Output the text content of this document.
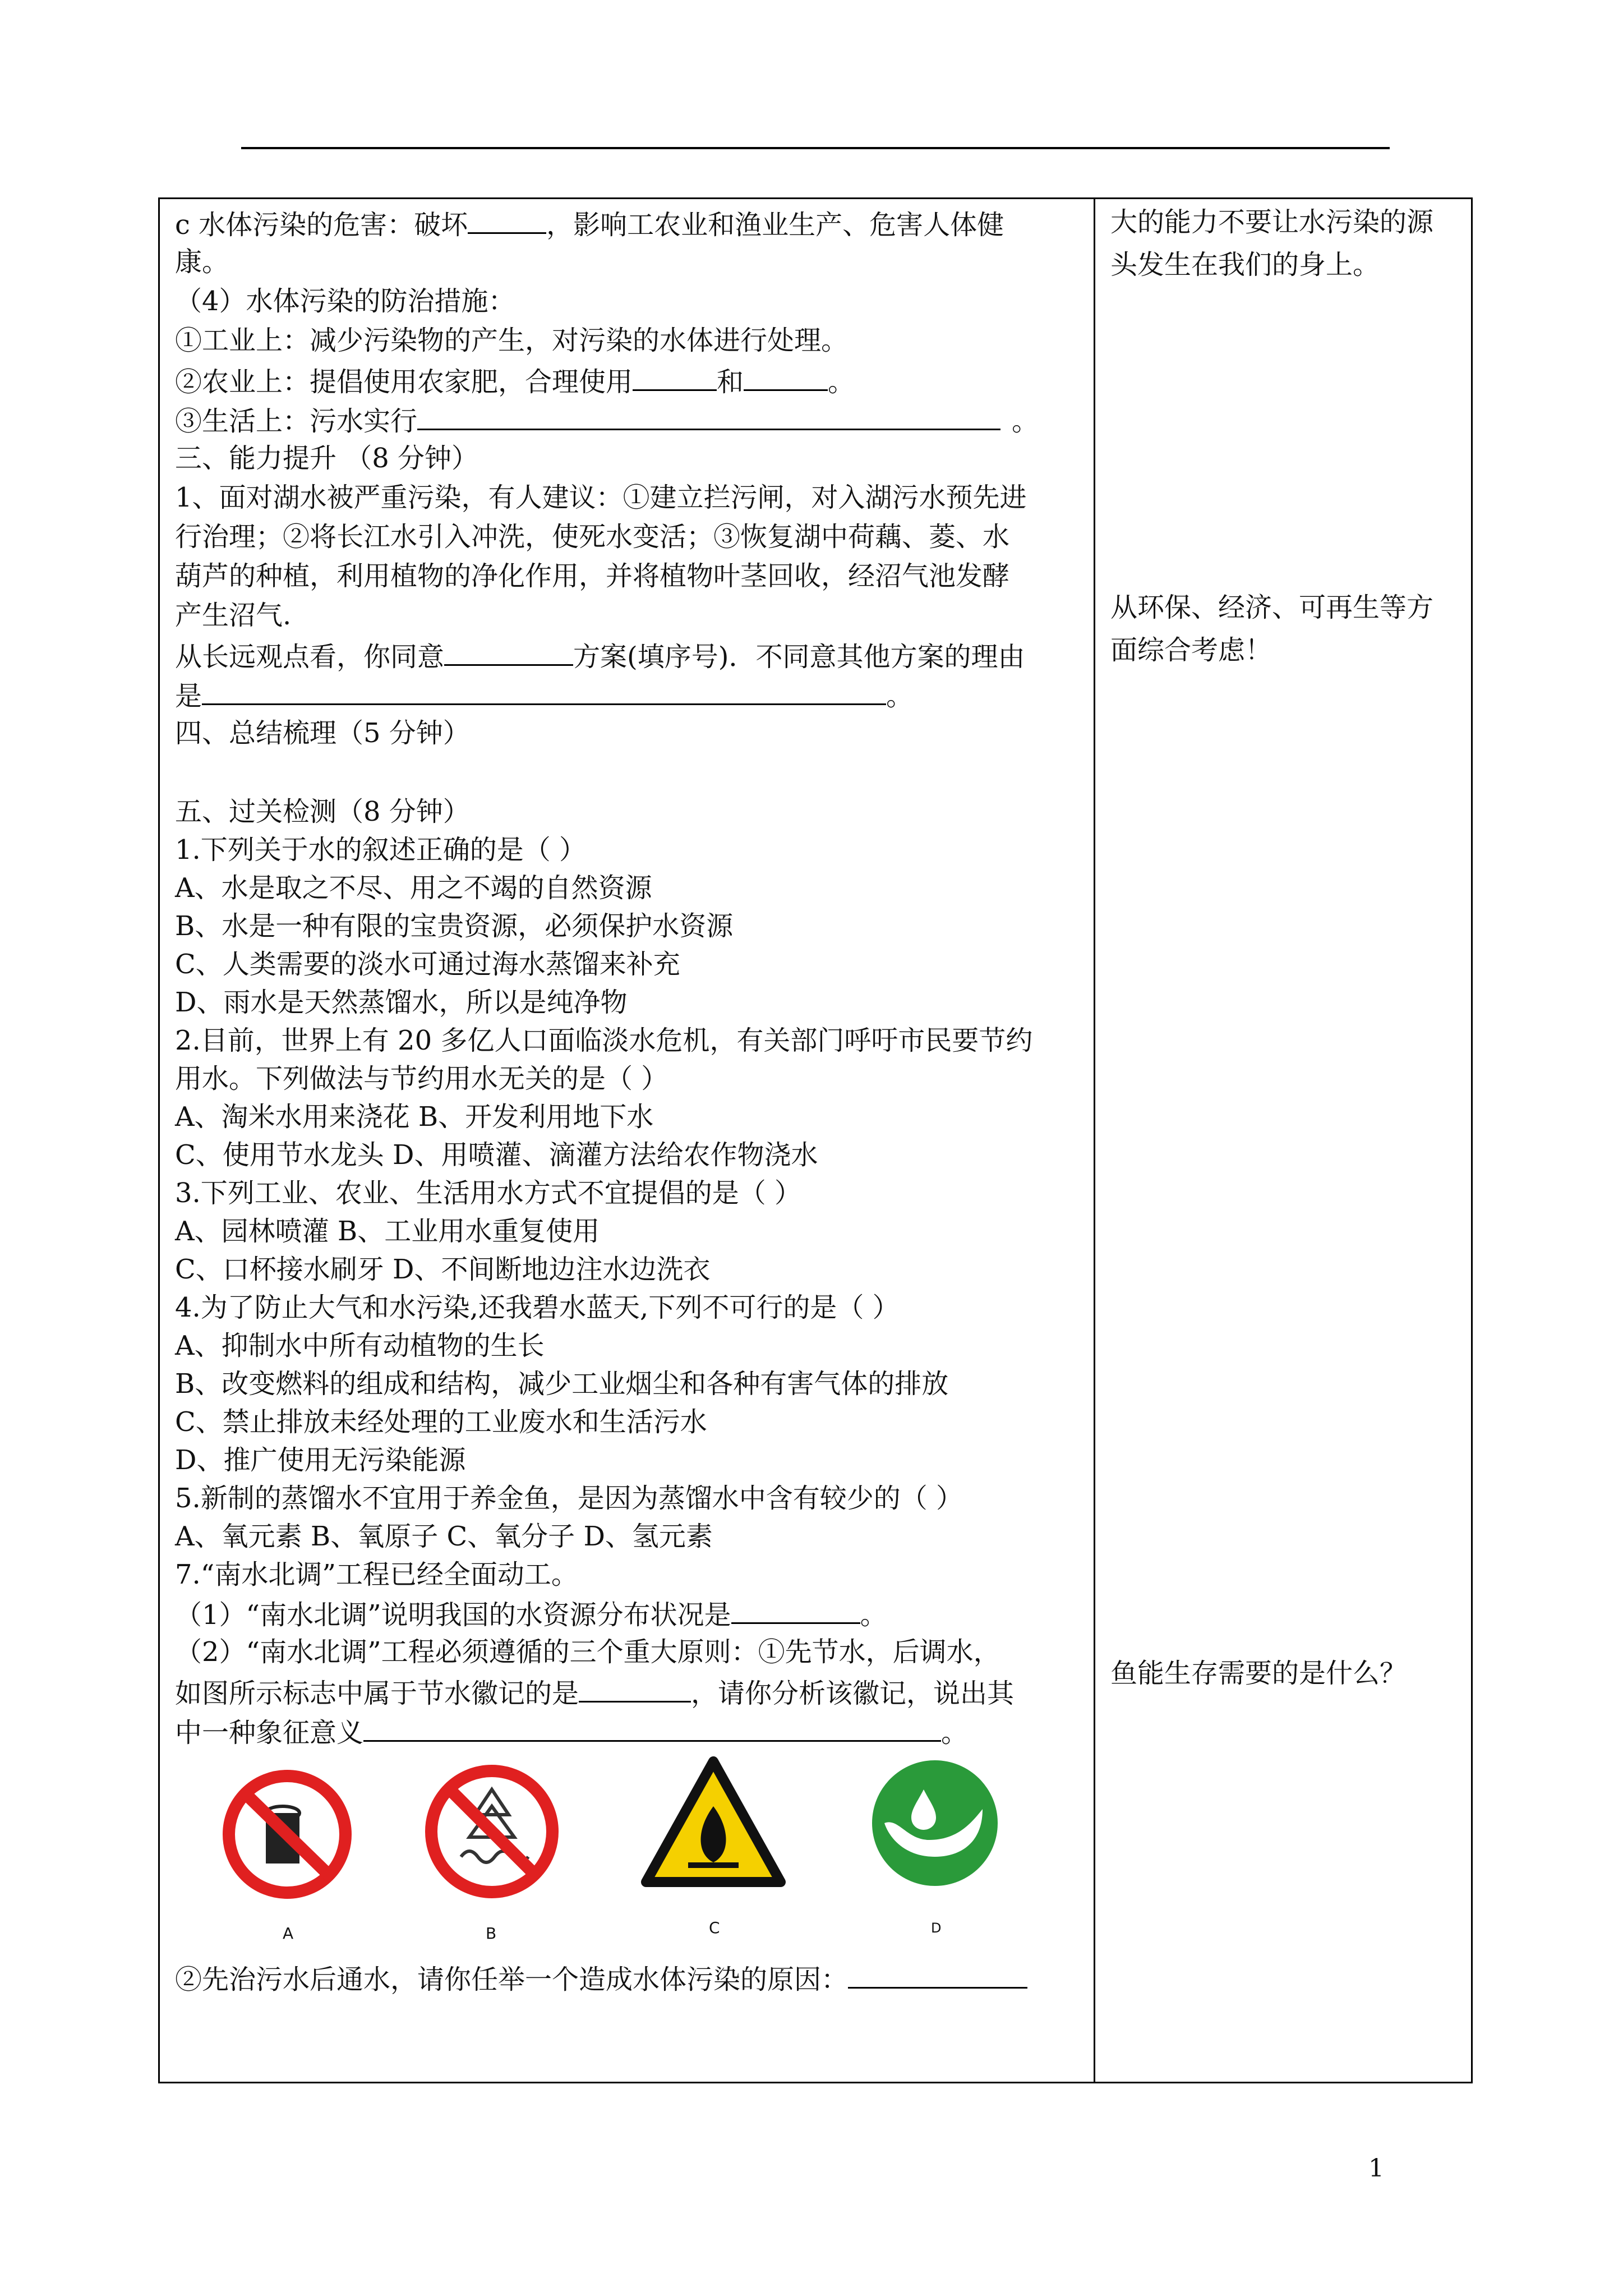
c 水体污染的危害：破坏	，影响工农业和渔业生产、危害人体健
康。
（4）水体污染的防治措施：
①工业上：减少污染物的产生，对污染的水体进行处理。
②农业上：提倡使用农家肥，合理使用	和	。
③生活上：污水实行	。
三、能力提升 （8 分钟）
1、面对湖水被严重污染，有人建议：①建立拦污闸，对入湖污水预先进
行治理；②将长江水引入冲洗，使死水变活；③恢复湖中荷藕、菱、水
葫芦的种植，利用植物的净化作用，并将植物叶茎回收，经沼气池发酵
产生沼气.
从长远观点看，你同意	方案(填序号)．不同意其他方案的理由
是	。
四、总结梳理（5 分钟）
五、过关检测（8 分钟）
1.下列关于水的叙述正确的是（ ）
A、水是取之不尽、用之不竭的自然资源
B、水是一种有限的宝贵资源，必须保护水资源
C、人类需要的淡水可通过海水蒸馏来补充
D、雨水是天然蒸馏水，所以是纯净物
2.目前，世界上有 20 多亿人口面临淡水危机，有关部门呼吁市民要节约
用水。下列做法与节约用水无关的是（ ）
A、淘米水用来浇花 B、开发利用地下水
C、使用节水龙头 D、用喷灌、滴灌方法给农作物浇水
3.下列工业、农业、生活用水方式不宜提倡的是（ ）
A、园林喷灌 B、工业用水重复使用
C、口杯接水刷牙 D、不间断地边注水边洗衣
4.为了防止大气和水污染,还我碧水蓝天,下列不可行的是（ ）
A、抑制水中所有动植物的生长
B、改变燃料的组成和结构，减少工业烟尘和各种有害气体的排放
C、禁止排放未经处理的工业废水和生活污水
D、推广使用无污染能源
5.新制的蒸馏水不宜用于养金鱼，是因为蒸馏水中含有较少的（ ）
A、氧元素 B、氧原子 C、氧分子 D、氢元素
7.“南水北调”工程已经全面动工。
（1）“南水北调”说明我国的水资源分布状况是	。
（2）“南水北调”工程必须遵循的三个重大原则：①先节水，后调水，
如图所示标志中属于节水徽记的是	，请你分析该徽记，说出其
中一种象征意义	。
A	B	C	D
②先治污水后通水，请你任举一个造成水体污染的原因：
大的能力不要让水污染的源
头发生在我们的身上。
从环保、经济、可再生等方
面综合考虑！
鱼能生存需要的是什么？
1
